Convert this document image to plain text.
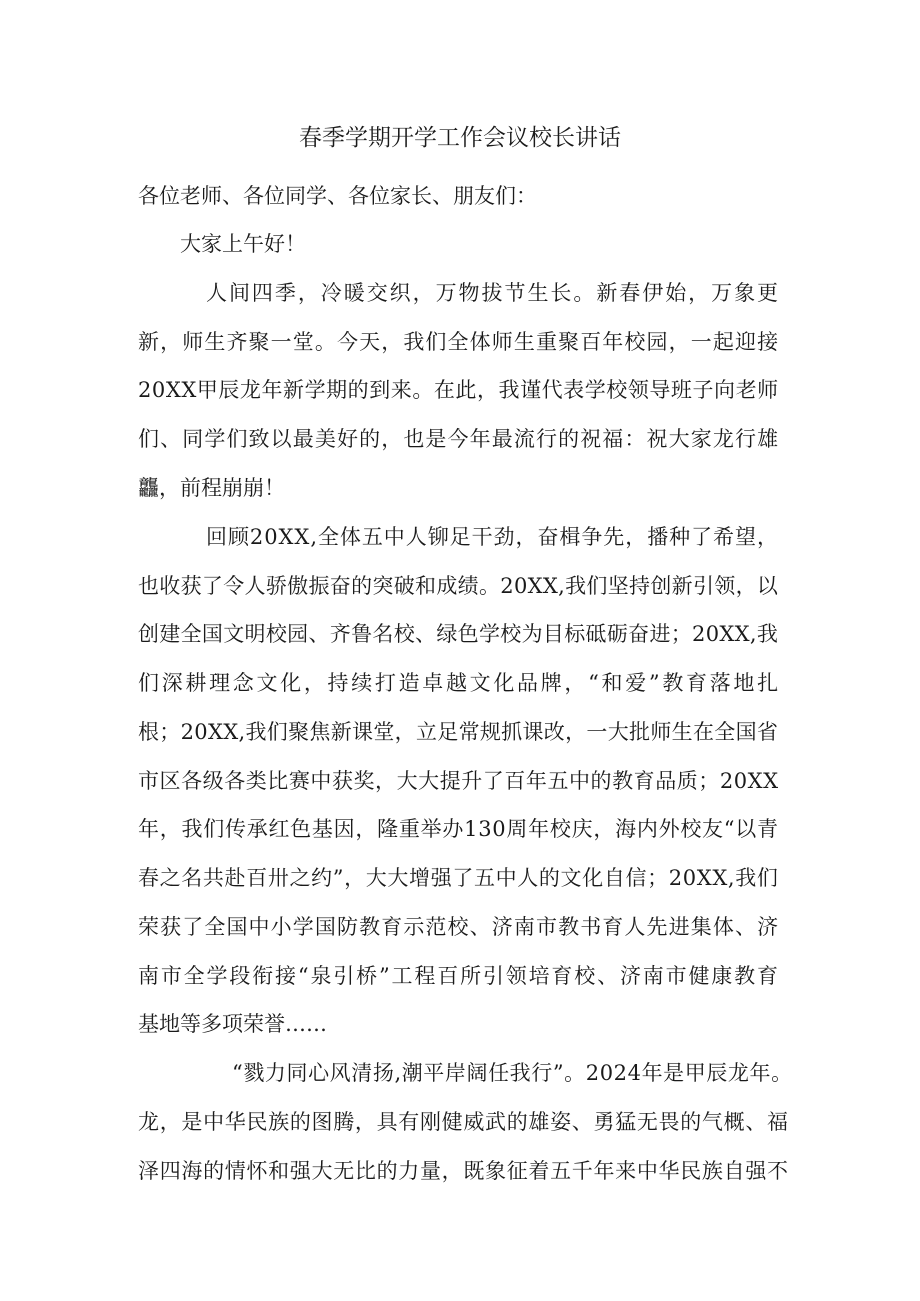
春季学期开学工作会议校长讲话
各位老师、各位同学、各位家长、朋友们：
大家上午好！
人间四季，冷暖交织，万物拔节生长。新春伊始，万象更
新，师生齐聚一堂。今天，我们全体师生重聚百年校园，一起迎接
20XX甲辰龙年新学期的到来。在此，我谨代表学校领导班子向老师
们、同学们致以最美好的，也是今年最流行的祝福：祝大家龙行雄
龘，前程崩崩！
回顾20XX,全体五中人铆足干劲，奋楫争先，播种了希望，
也收获了令人骄傲振奋的突破和成绩。20XX,我们坚持创新引领，以
创建全国文明校园、齐鲁名校、绿色学校为目标砥砺奋进；20XX,我
们深耕理念文化，持续打造卓越文化品牌，“和爱”教育落地扎
根；20XX,我们聚焦新课堂，立足常规抓课改，一大批师生在全国省
市区各级各类比赛中获奖，大大提升了百年五中的教育品质；20XX
年，我们传承红色基因，隆重举办130周年校庆，海内外校友“以青
春之名共赴百卅之约”，大大增强了五中人的文化自信；20XX,我们
荣获了全国中小学国防教育示范校、济南市教书育人先进集体、济
南市全学段衔接“泉引桥”工程百所引领培育校、济南市健康教育
基地等多项荣誉……
“戮力同心风清扬,潮平岸阔任我行”。2024年是甲辰龙年。
龙，是中华民族的图腾，具有刚健威武的雄姿、勇猛无畏的气概、福
泽四海的情怀和强大无比的力量，既象征着五千年来中华民族自强不
